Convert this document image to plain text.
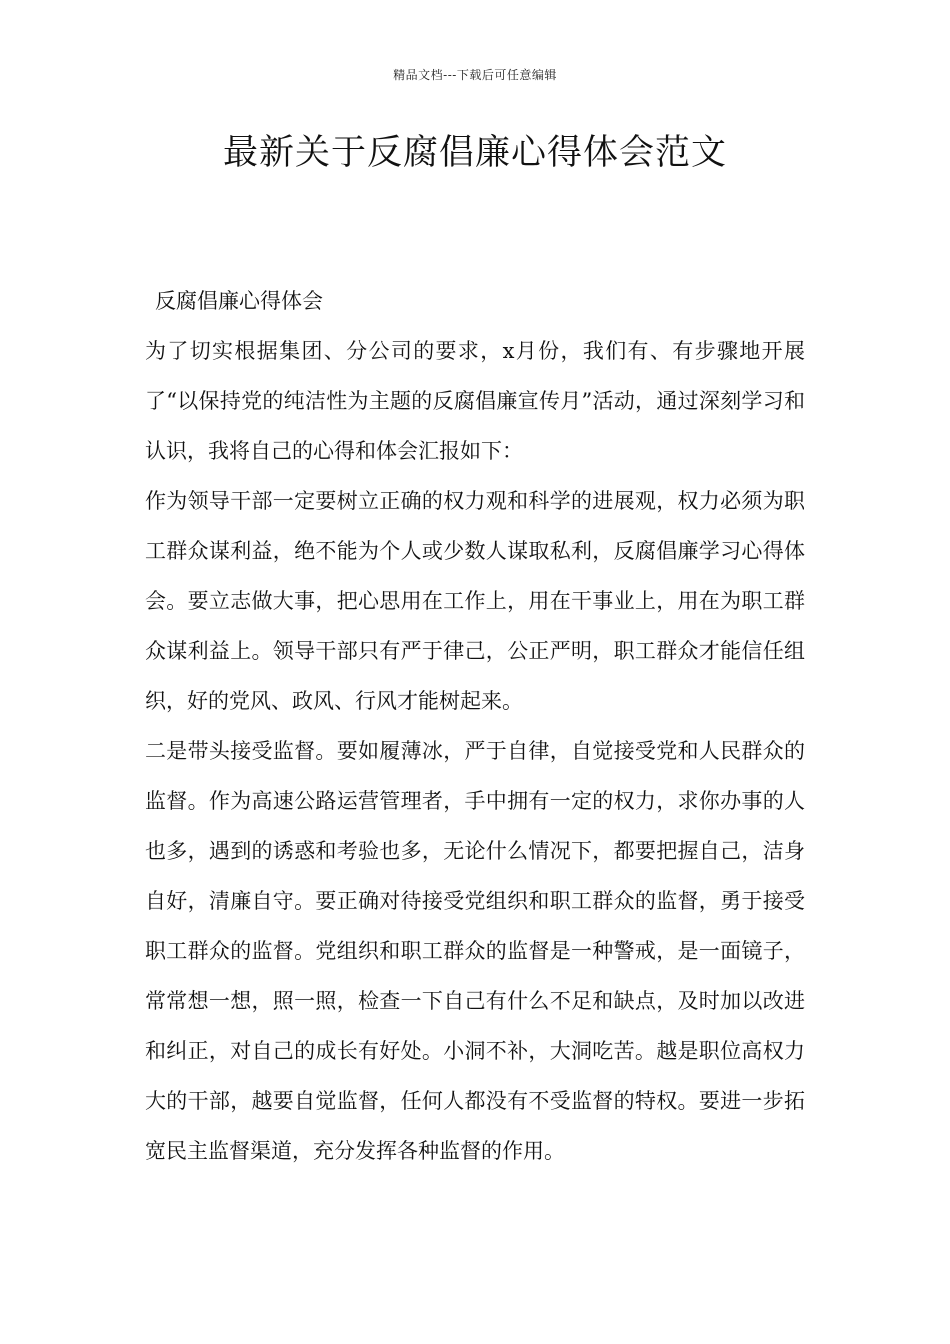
精品文档---下载后可任意编辑
最新关于反腐倡廉心得体会范文

反腐倡廉心得体会

为了切实根据集团、分公司的要求，x月份，我们有、有步骤地开展了“以保持党的纯洁性为主题的反腐倡廉宣传月”活动，通过深刻学习和认识，我将自己的心得和体会汇报如下：

作为领导干部一定要树立正确的权力观和科学的进展观，权力必须为职工群众谋利益，绝不能为个人或少数人谋取私利，反腐倡廉学习心得体会。要立志做大事，把心思用在工作上，用在干事业上，用在为职工群众谋利益上。领导干部只有严于律己，公正严明，职工群众才能信任组织，好的党风、政风、行风才能树起来。

二是带头接受监督。要如履薄冰，严于自律，自觉接受党和人民群众的监督。作为高速公路运营管理者，手中拥有一定的权力，求你办事的人也多，遇到的诱惑和考验也多，无论什么情况下，都要把握自己，洁身自好，清廉自守。要正确对待接受党组织和职工群众的监督，勇于接受职工群众的监督。党组织和职工群众的监督是一种警戒，是一面镜子，常常想一想，照一照，检查一下自己有什么不足和缺点，及时加以改进和纠正，对自己的成长有好处。小洞不补，大洞吃苦。越是职位高权力大的干部，越要自觉监督，任何人都没有不受监督的特权。要进一步拓宽民主监督渠道，充分发挥各种监督的作用。
